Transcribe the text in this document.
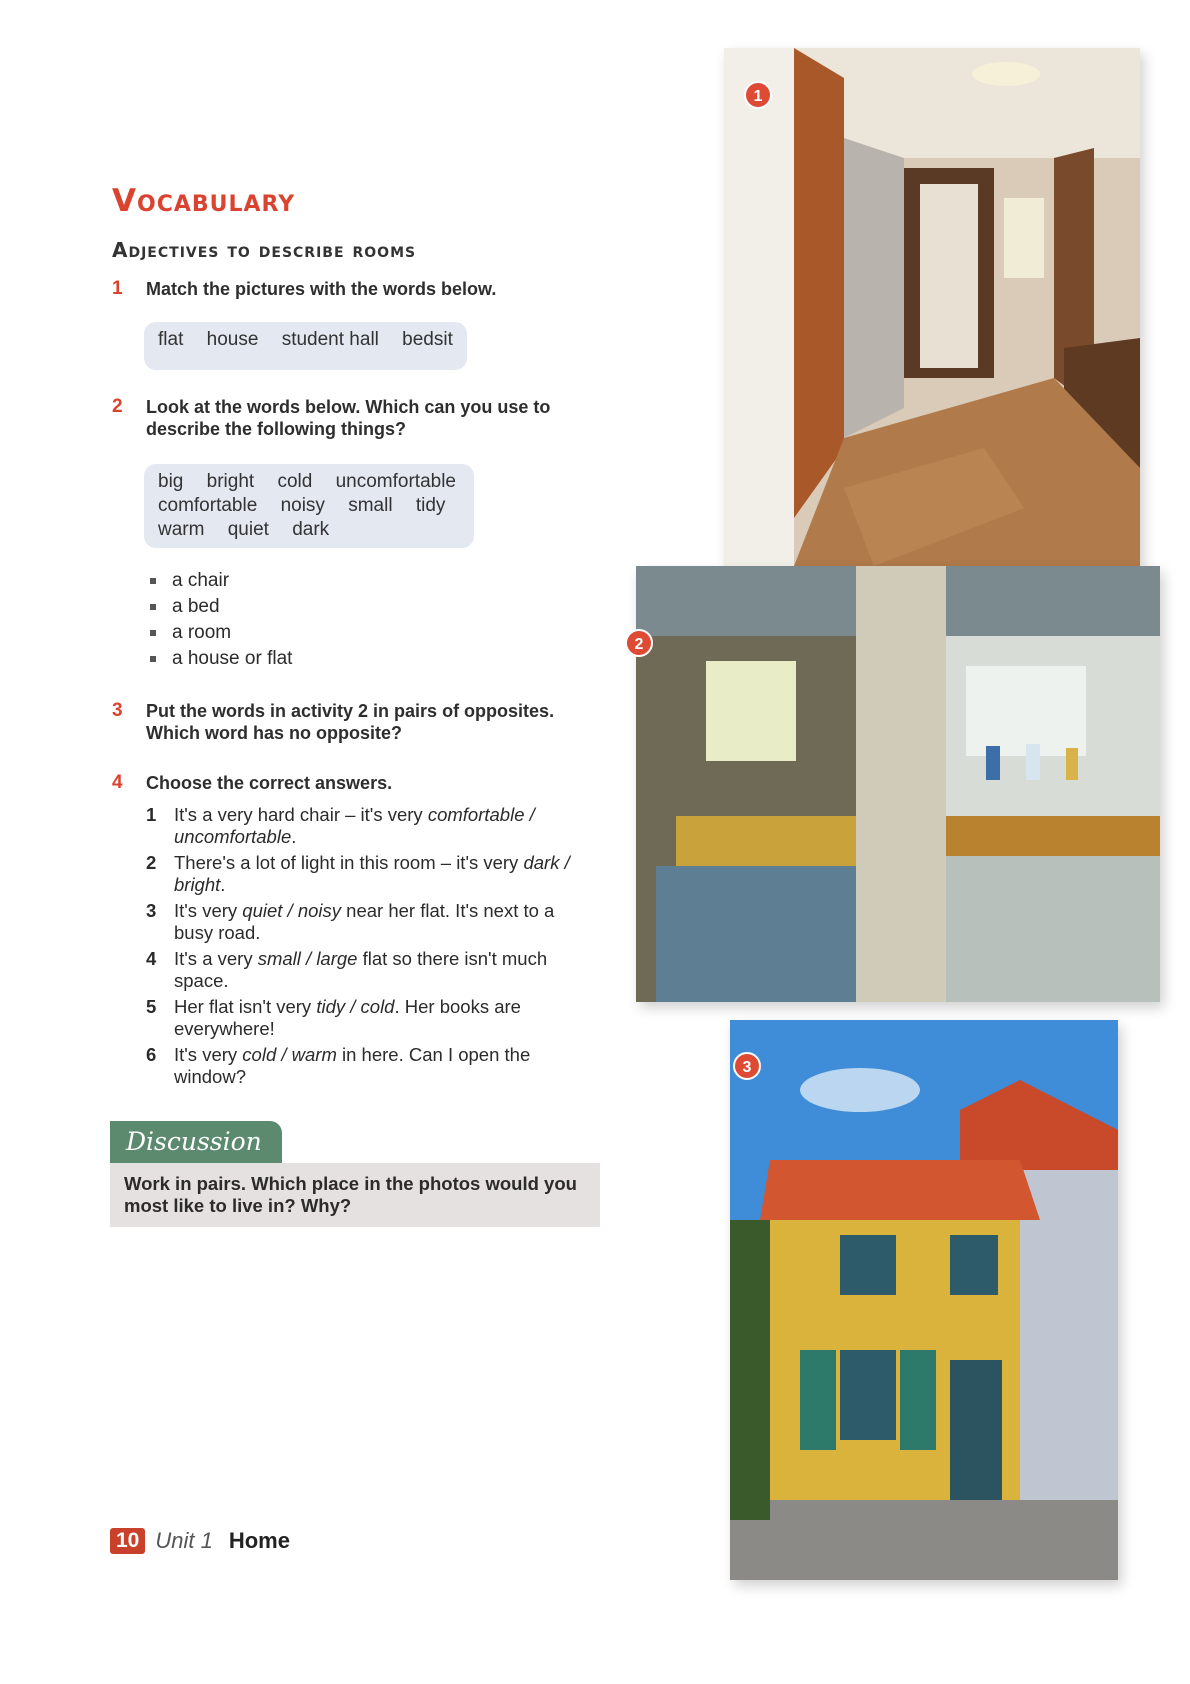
Vocabulary
Adjectives to describe rooms
1	Match the pictures with the words below.
flat house student hall bedsit
2	Look at the words below. Which can you use to
describe the following things?
big bright cold uncomfortable
comfortable noisy small tidy
warm quiet dark
a chair
a bed
a room
a house or flat
3	Put the words in activity 2 in pairs of opposites.
Which word has no opposite?
4	Choose the correct answers.
1 It's a very hard chair – it's very comfortable / uncomfortable.
2 There's a lot of light in this room – it's very dark / bright.
3 It's very quiet / noisy near her flat. It's next to a busy road.
4 It's a very small / large flat so there isn't much space.
5 Her flat isn't very tidy / cold. Her books are everywhere!
6 It's very cold / warm in here. Can I open the window?
Discussion
Work in pairs. Which place in the photos would you most like to live in? Why?
10 Unit 1 Home
1
2
3
